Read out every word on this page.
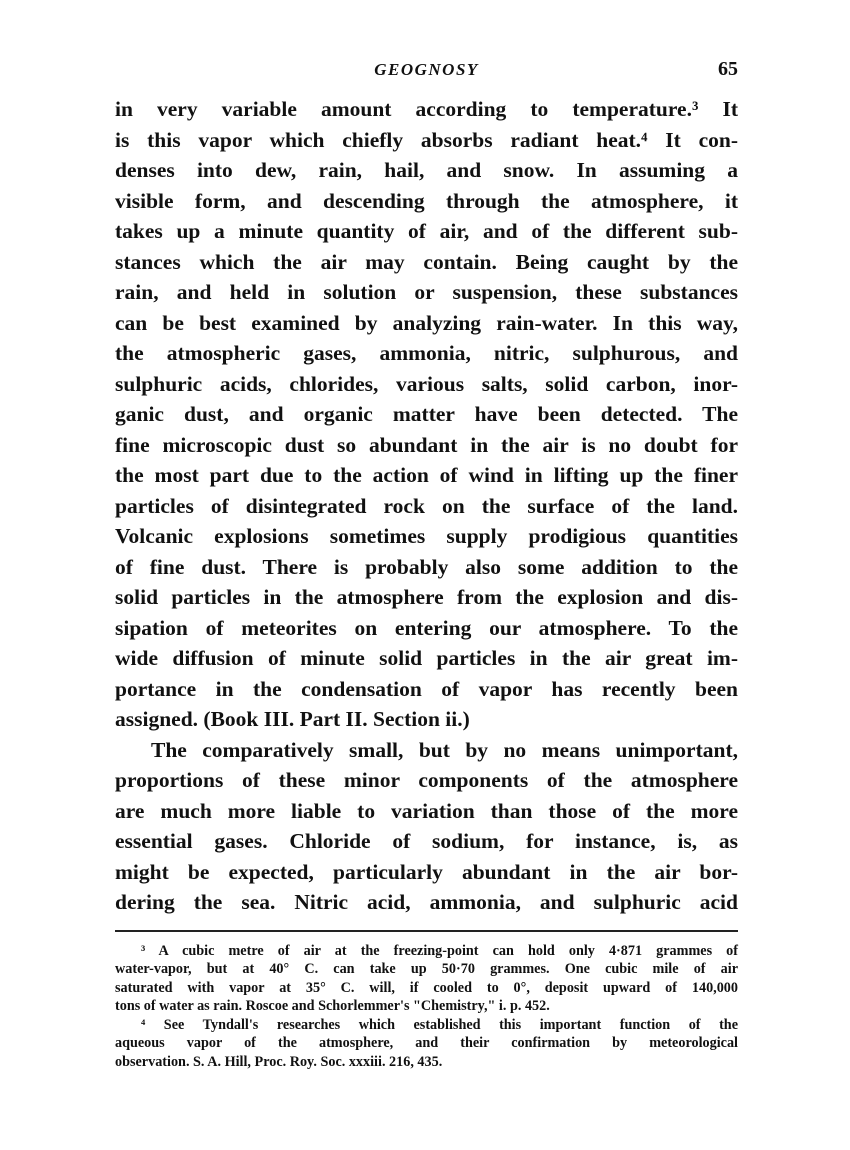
GEOGNOSY	65
in very variable amount according to temperature.³ It
is this vapor which chiefly absorbs radiant heat.⁴ It con-
denses into dew, rain, hail, and snow. In assuming a
visible form, and descending through the atmosphere, it
takes up a minute quantity of air, and of the different sub-
stances which the air may contain. Being caught by the
rain, and held in solution or suspension, these substances
can be best examined by analyzing rain-water. In this way,
the atmospheric gases, ammonia, nitric, sulphurous, and
sulphuric acids, chlorides, various salts, solid carbon, inor-
ganic dust, and organic matter have been detected. The
fine microscopic dust so abundant in the air is no doubt for
the most part due to the action of wind in lifting up the finer
particles of disintegrated rock on the surface of the land.
Volcanic explosions sometimes supply prodigious quantities
of fine dust. There is probably also some addition to the
solid particles in the atmosphere from the explosion and dis-
sipation of meteorites on entering our atmosphere. To the
wide diffusion of minute solid particles in the air great im-
portance in the condensation of vapor has recently been
assigned. (Book III. Part II. Section ii.)
The comparatively small, but by no means unimportant,
proportions of these minor components of the atmosphere
are much more liable to variation than those of the more
essential gases. Chloride of sodium, for instance, is, as
might be expected, particularly abundant in the air bor-
dering the sea. Nitric acid, ammonia, and sulphuric acid
³ A cubic metre of air at the freezing-point can hold only 4·871 grammes of
water-vapor, but at 40° C. can take up 50·70 grammes. One cubic mile of air
saturated with vapor at 35° C. will, if cooled to 0°, deposit upward of 140,000
tons of water as rain. Roscoe and Schorlemmer's "Chemistry," i. p. 452.
⁴ See Tyndall's researches which established this important function of the
aqueous vapor of the atmosphere, and their confirmation by meteorological
observation. S. A. Hill, Proc. Roy. Soc. xxxiii. 216, 435.
